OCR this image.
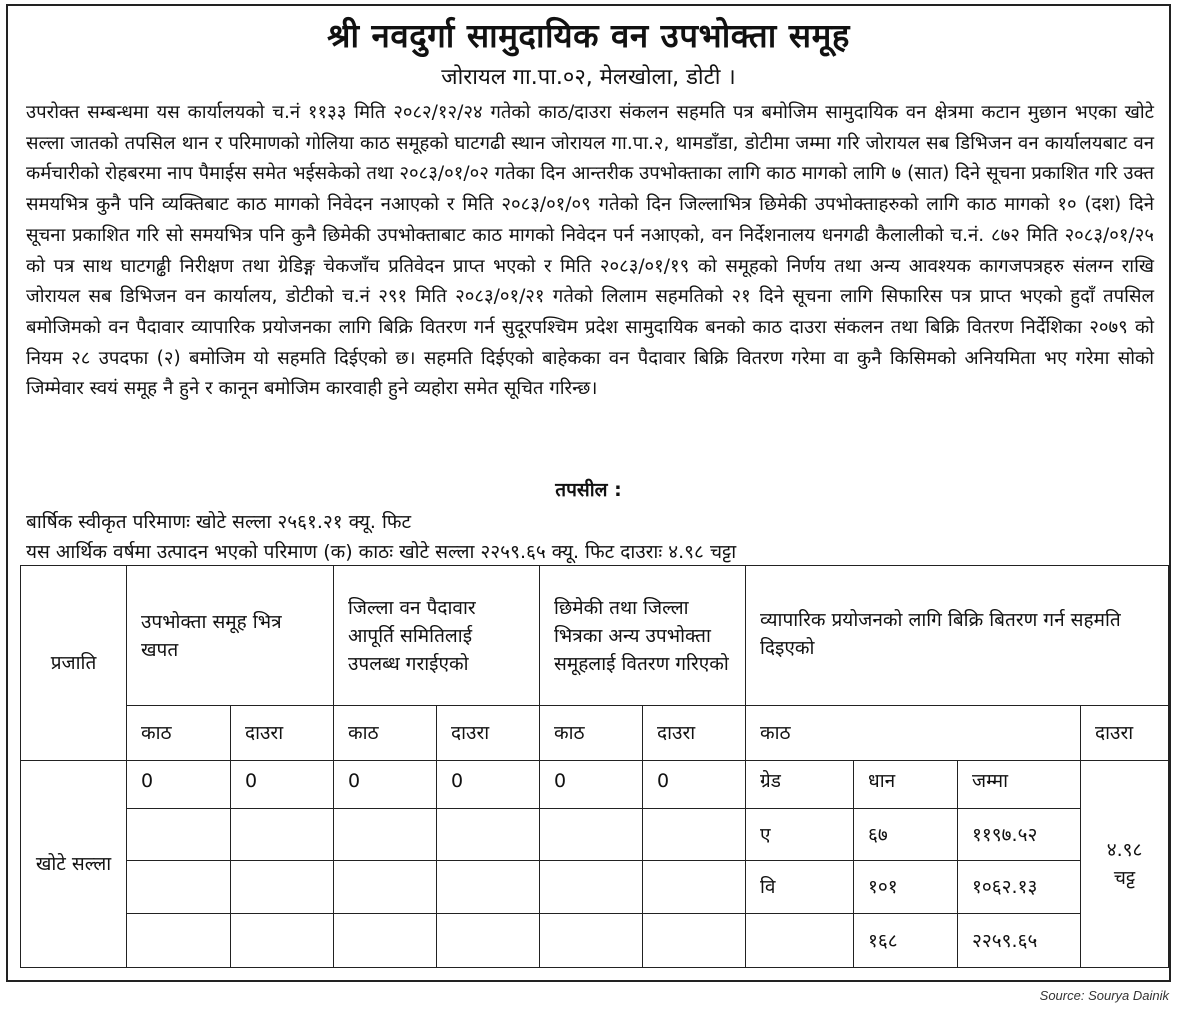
श्री नवदुर्गा सामुदायिक वन उपभोक्ता समूह
जोरायल गा.पा.०२, मेलखोला, डोटी ।
उपरोक्त सम्बन्धमा यस कार्यालयको च.नं ११३३ मिति २०८२/१२/२४ गतेको काठ/दाउरा संकलन सहमति पत्र बमोजिम सामुदायिक वन क्षेत्रमा कटान मुछान भएका खोटे सल्ला जातको तपसिल थान र परिमाणको गोलिया काठ समूहको घाटगढी स्थान जोरायल गा.पा.२, थामडाँडा, डोटीमा जम्मा गरि जोरायल सब डिभिजन वन कार्यालयबाट वन कर्मचारीको रोहबरमा नाप पैमाईस समेत भईसकेको तथा २०८३/०१/०२ गतेका दिन आन्तरीक उपभोक्ताका लागि काठ मागको लागि ७ (सात) दिने सूचना प्रकाशित गरि उक्त समयभित्र कुनै पनि व्यक्तिबाट काठ मागको निवेदन नआएको र मिति २०८३/०१/०९ गतेको दिन जिल्लाभित्र छिमेकी उपभोक्ताहरुको लागि काठ मागको १० (दश) दिने सूचना प्रकाशित गरि सो समयभित्र पनि कुनै छिमेकी उपभोक्ताबाट काठ मागको निवेदन पर्न नआएको, वन निर्देशनालय धनगढी कैलालीको च.नं. ८७२ मिति २०८३/०१/२५ को पत्र साथ घाटगढ्ढी निरीक्षण तथा ग्रेडिङ्ग चेकजाँच प्रतिवेदन प्राप्त भएको र मिति २०८३/०१/१९ को समूहको निर्णय तथा अन्य आवश्यक कागजपत्रहरु संलग्न राखि जोरायल सब डिभिजन वन कार्यालय, डोटीको च.नं २९१ मिति २०८३/०१/२१ गतेको लिलाम सहमतिको २१ दिने सूचना लागि सिफारिस पत्र प्राप्त भएको हुदाँ तपसिल बमोजिमको वन पैदावार व्यापारिक प्रयोजनका लागि बिक्रि वितरण गर्न सुदूरपश्चिम प्रदेश सामुदायिक बनको काठ दाउरा संकलन तथा बिक्रि वितरण निर्देशिका २०७९ को नियम २८ उपदफा (२) बमोजिम यो सहमति दिईएको छ। सहमति दिईएको बाहेकका वन पैदावार बिक्रि वितरण गरेमा वा कुनै किसिमको अनियमिता भए गरेमा सोको जिम्मेवार स्वयं समूह नै हुने र कानून बमोजिम कारवाही हुने व्यहोरा समेत सूचित गरिन्छ।
तपसील :
बार्षिक स्वीकृत परिमाणः खोटे सल्ला २५६१.२१ क्यू. फिट
यस आर्थिक वर्षमा उत्पादन भएको परिमाण (क) काठः खोटे सल्ला २२५९.६५ क्यू. फिट दाउराः ४.९८ चट्टा
प्रजाति	उपभोक्ता समूह भित्र खपत		जिल्ला वन पैदावार आपूर्ति समितिलाई उपलब्ध गराईएको		छिमेकी तथा जिल्ला भित्रका अन्य उपभोक्ता समूहलाई वितरण गरिएको		व्यापारिक प्रयोजनको लागि बिक्रि बितरण गर्न सहमति दिइएको			
	काठ	दाउरा	काठ	दाउरा	काठ	दाउरा	काठ			दाउरा
खोटे सल्ला	0	0	0	0	0	0	ग्रेड	धान	जम्मा	४.९८ चट्ट
							ए	६७	११९७.५२	
							वि	१०१	१०६२.१३	
								१६८	२२५९.६५	
Source: Sourya Dainik
